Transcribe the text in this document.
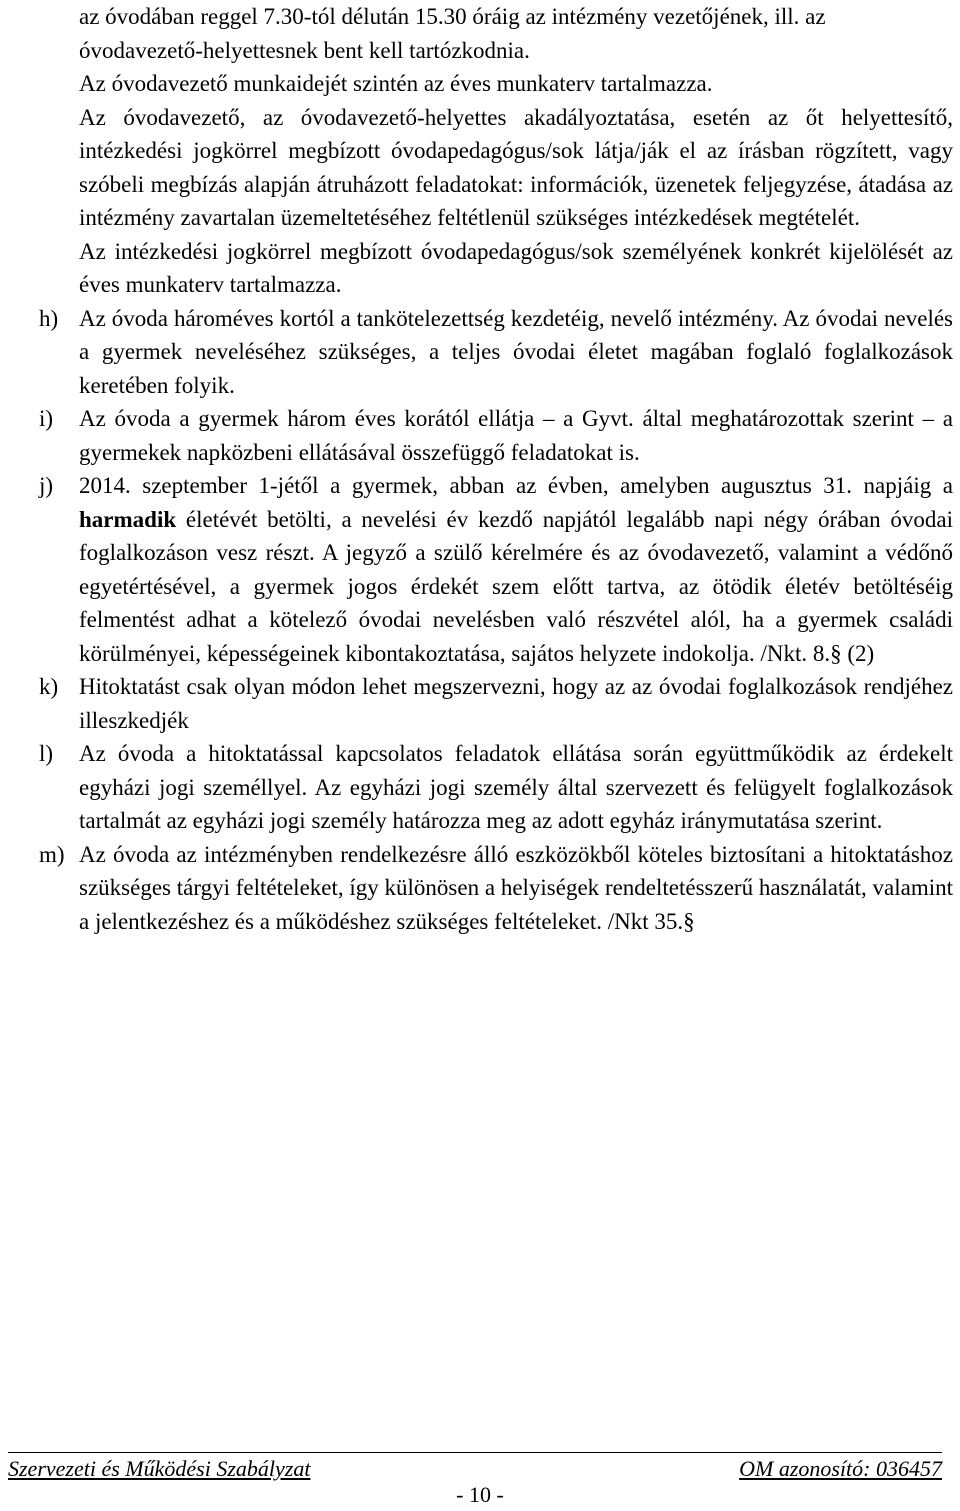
az óvodában reggel 7.30-tól délután 15.30 óráig az intézmény vezetőjének, ill. az óvodavezető-helyettesnek bent kell tartózkodnia.

Az óvodavezető munkaidejét szintén az éves munkaterv tartalmazza.

Az óvodavezető, az óvodavezető-helyettes akadályoztatása, esetén az őt helyettesítő, intézkedési jogkörrel megbízott óvodapedagógus/sok látja/ják el az írásban rögzített, vagy szóbeli megbízás alapján átruházott feladatokat: információk, üzenetek feljegyzése, átadása az intézmény zavartalan üzemeltetéséhez feltétlenül szükséges intézkedések megtételét.

Az intézkedési jogkörrel megbízott óvodapedagógus/sok személyének konkrét kijelölését az éves munkaterv tartalmazza.

h) Az óvoda hároméves kortól a tankötelezettség kezdetéig, nevelő intézmény. Az óvodai nevelés a gyermek neveléséhez szükséges, a teljes óvodai életet magában foglaló foglalkozások keretében folyik.
i)	Az óvoda a gyermek három éves korától ellátja – a Gyvt. által meghatározottak szerint – a gyermekek napközbeni ellátásával összefüggő feladatokat is.
j)	2014. szeptember 1-jétől a gyermek, abban az évben, amelyben augusztus 31. napjáig a harmadik életévét betölti, a nevelési év kezdő napjától legalább napi négy órában óvodai foglalkozáson vesz részt. A jegyző a szülő kérelmére és az óvodavezető, valamint a védőnő egyetértésével, a gyermek jogos érdekét szem előtt tartva, az ötödik életév betöltéséig felmentést adhat a kötelező óvodai nevelésben való részvétel alól, ha a gyermek családi körülményei, képességeinek kibontakoztatása, sajátos helyzete indokolja. /Nkt. 8.§ (2)
k) Hitoktatást csak olyan módon lehet megszervezni, hogy az az óvodai foglalkozások rendjéhez illeszkedjék
l)	Az óvoda a hitoktatással kapcsolatos feladatok ellátása során együttműködik az érdekelt egyházi jogi személlyel. Az egyházi jogi személy által szervezett és felügyelt foglalkozások tartalmát az egyházi jogi személy határozza meg az adott egyház iránymutatása szerint.
m) Az óvoda az intézményben rendelkezésre álló eszközökből köteles biztosítani a hitoktatáshoz szükséges tárgyi feltételeket, így különösen a helyiségek rendeltetésszerű használatát, valamint a jelentkezéshez és a működéshez szükséges feltételeket. /Nkt 35.§
Szervezeti és Működési Szabályzat	OM azonosító: 036457
- 10 -
